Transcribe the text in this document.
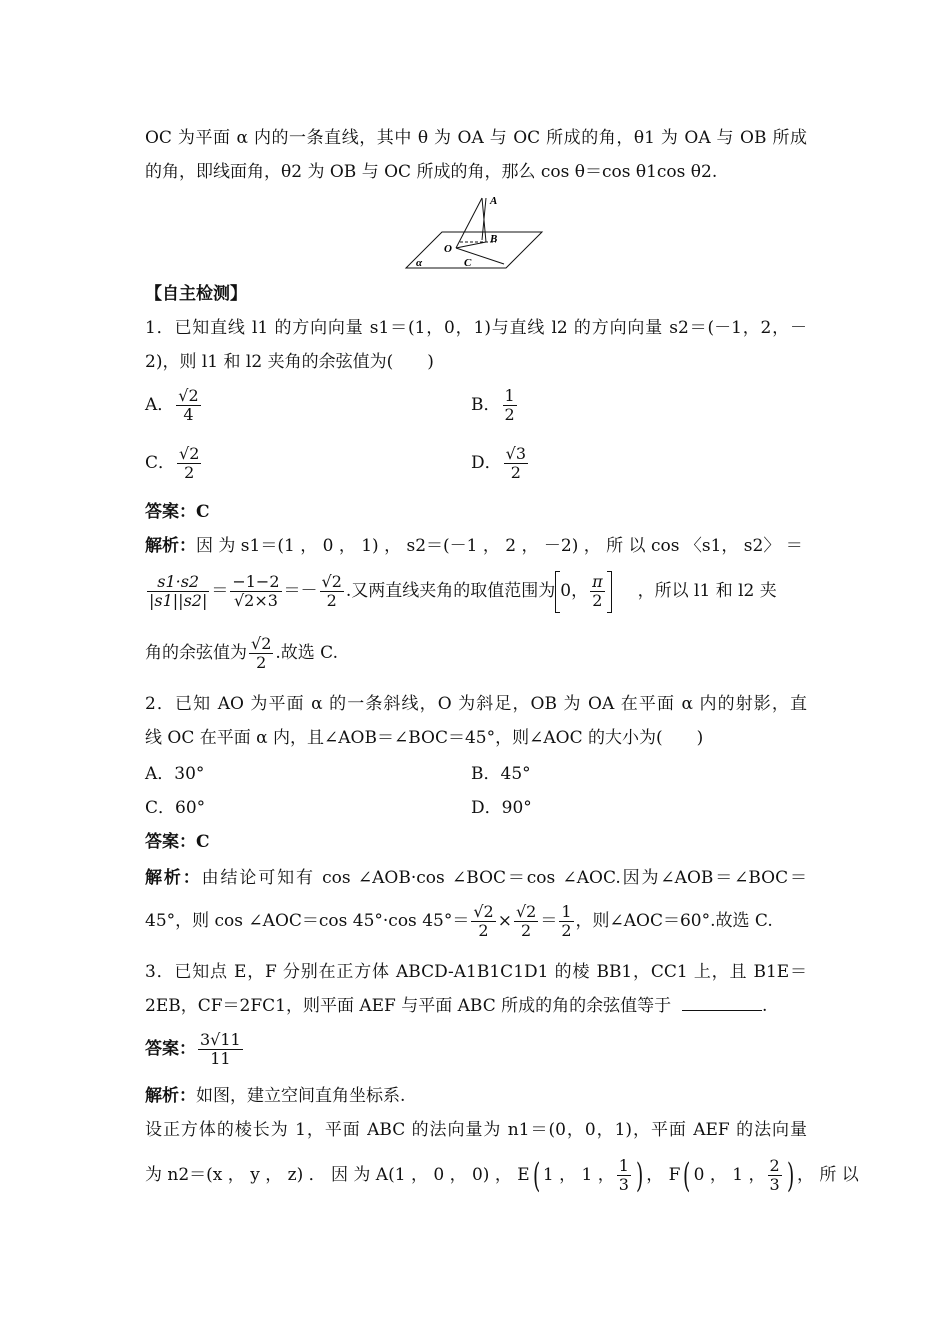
OC 为平面 α 内的一条直线，其中 θ 为 OA 与 OC 所成的角，θ1 为 OA 与 OB 所成
的角，即线面角，θ2 为 OB 与 OC 所成的角，那么 cos θ＝cos θ1cos θ2.
A
B
O
C
α
【自主检测】
1．已知直线 l1 的方向向量 s1＝(1，0，1)与直线 l2 的方向向量 s2＝(－1，2，－
2)，则 l1 和 l2 夹角的余弦值为(　　)
A． $\frac{√2}{4}$	B． $\frac{1}{2}$
C． $\frac{√2}{2}$	D． $\frac{√3}{2}$
答案：C
解析：因 为 s1＝(1 ， 0 ， 1) ， s2＝(－1 ， 2 ， －2) ， 所 以 cos 〈s1， s2〉 ＝
$\frac{s1\cdot s2}{|s1||s2|} = \frac{-1-2}{√2\times 3} =- \frac{√2}{2}$ .又两直线夹角的取值范围为 0， $\frac{\pi}{2}$ ，所以 l1 和 l2 夹
角的余弦值为 $\frac{√2}{2}$ .故选 C.
2．已知 AO 为平面 α 的一条斜线，O 为斜足，OB 为 OA 在平面 α 内的射影，直
线 OC 在平面 α 内，且∠AOB＝∠BOC＝45°，则∠AOC 的大小为(　　)
A．30°	B．45°
C．60°	D．90°
答案：C
解析：由结论可知有 cos ∠AOB·cos ∠BOC＝cos ∠AOC.因为∠AOB＝∠BOC＝
45°，则 cos ∠AOC＝cos 45°·cos $45^\circ= \frac{√2}{2} \times \frac{√2}{2} = \frac{1}{2}$ ，则∠AOC＝60°.故选 C.
3．已知点 E，F 分别在正方体 ABCD-A1B1C1D1 的棱 BB1，CC1 上，且 B1E＝
2EB，CF＝2FC1，则平面 AEF 与平面 ABC 所成的角的余弦值等于	.
答案： $\frac{3√11}{11}$
解析：如图，建立空间直角坐标系.
设正方体的棱长为 1，平面 ABC 的法向量为 n1＝(0，0，1)，平面 AEF 的法向量
为 n2＝(x ， y ， z) ． 因 为 A(1 ， 0 ， 0) ， E( 1 ， 1 ， $\frac{1}{3}$ ) ， F( 0 ， 1 ， $\frac{2}{3}$ ) ， 所 以
